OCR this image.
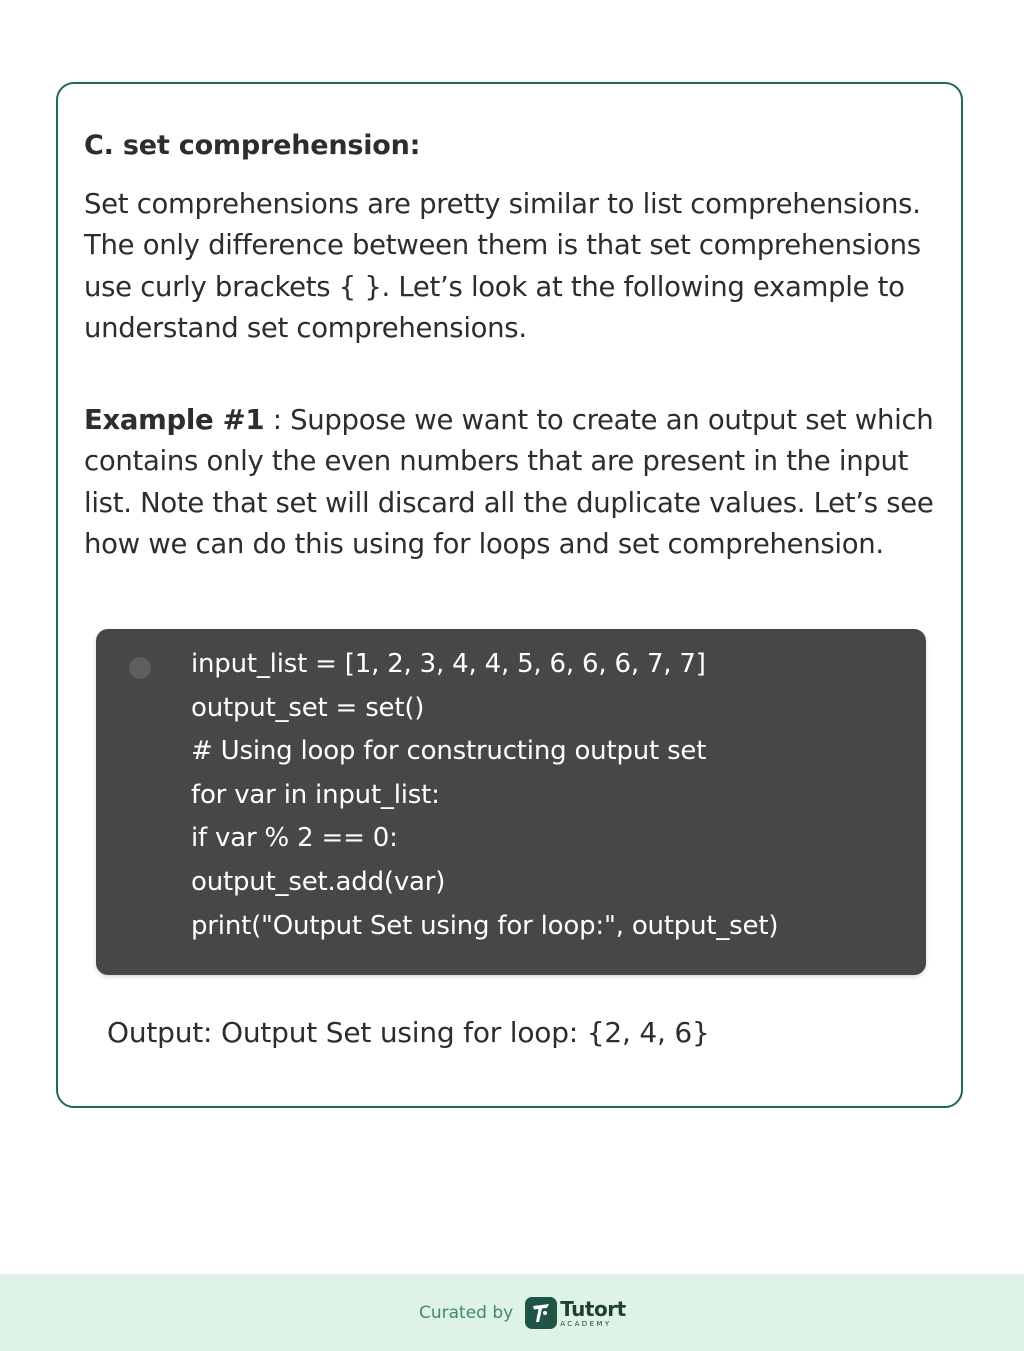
C. set comprehension:

Set comprehensions are pretty similar to list comprehensions. The only difference between them is that set comprehensions use curly brackets { }. Let’s look at the following example to understand set comprehensions.

Example #1 : Suppose we want to create an output set which contains only the even numbers that are present in the input list. Note that set will discard all the duplicate values. Let’s see how we can do this using for loops and set comprehension.

input_list = [1, 2, 3, 4, 4, 5, 6, 6, 6, 7, 7]
output_set = set()
# Using loop for constructing output set
for var in input_list:
if var % 2 == 0:
output_set.add(var)
print("Output Set using for loop:", output_set)

Output: Output Set using for loop: {2, 4, 6}

Curated by Tutort
ACADEMY
